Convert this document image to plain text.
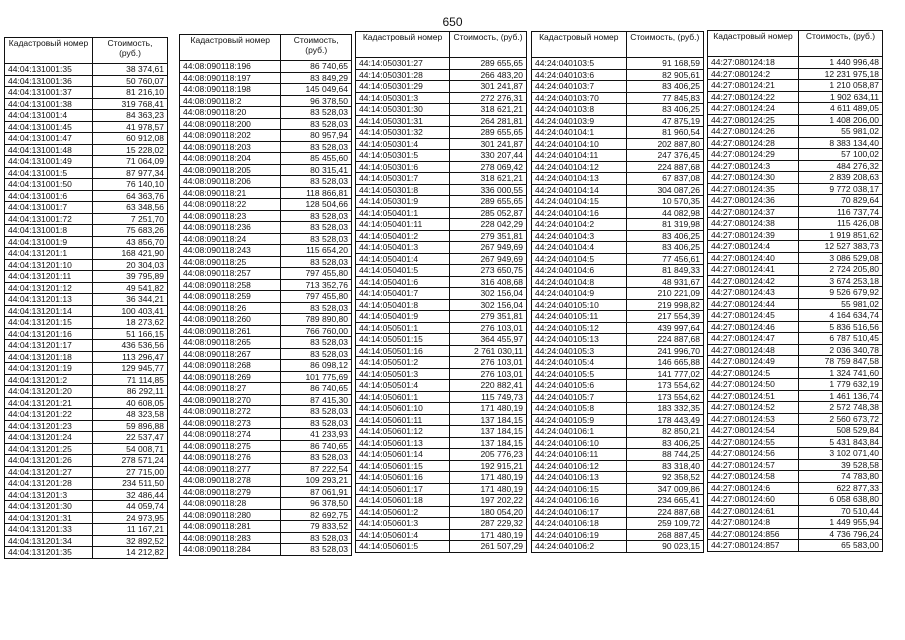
650
Кадастровый номер	Стоимость, (руб.)
44:04:131001:35	38 374,61
44:04:131001:36	50 760,07
44:04:131001:37	81 216,10
44:04:131001:38	319 768,41
44:04:131001:4	84 363,23
44:04:131001:45	41 978,57
44:04:131001:47	60 912,08
44:04:131001:48	15 228,02
44:04:131001:49	71 064,09
44:04:131001:5	87 977,34
44:04:131001:50	76 140,10
44:04:131001:6	64 363,76
44:04:131001:7	63 348,56
44:04:131001:72	7 251,70
44:04:131001:8	75 683,26
44:04:131001:9	43 856,70
44:04:131201:1	168 421,90
44:04:131201:10	20 304,03
44:04:131201:11	39 795,89
44:04:131201:12	49 541,82
44:04:131201:13	36 344,21
44:04:131201:14	100 403,41
44:04:131201:15	18 273,62
44:04:131201:16	51 166,15
44:04:131201:17	436 536,56
44:04:131201:18	113 296,47
44:04:131201:19	129 945,77
44:04:131201:2	71 114,85
44:04:131201:20	86 292,11
44:04:131201:21	40 608,05
44:04:131201:22	48 323,58
44:04:131201:23	59 896,88
44:04:131201:24	22 537,47
44:04:131201:25	54 008,71
44:04:131201:26	278 571,24
44:04:131201:27	27 715,00
44:04:131201:28	234 511,50
44:04:131201:3	32 486,44
44:04:131201:30	44 059,74
44:04:131201:31	24 973,95
44:04:131201:33	11 167,21
44:04:131201:34	32 892,52
44:04:131201:35	14 212,82
Кадастровый номер	Стоимость, (руб.)
44:08:090118:196	86 740,65
44:08:090118:197	83 849,29
44:08:090118:198	145 049,64
44:08:090118:2	96 378,50
44:08:090118:20	83 528,03
44:08:090118:200	83 528,03
44:08:090118:202	80 957,94
44:08:090118:203	83 528,03
44:08:090118:204	85 455,60
44:08:090118:205	80 315,41
44:08:090118:206	83 528,03
44:08:090118:21	118 866,81
44:08:090118:22	128 504,66
44:08:090118:23	83 528,03
44:08:090118:236	83 528,03
44:08:090118:24	83 528,03
44:08:090118:243	115 654,20
44:08:090118:25	83 528,03
44:08:090118:257	797 455,80
44:08:090118:258	713 352,76
44:08:090118:259	797 455,80
44:08:090118:26	83 528,03
44:08:090118:260	789 890,80
44:08:090118:261	766 760,00
44:08:090118:265	83 528,03
44:08:090118:267	83 528,03
44:08:090118:268	86 098,12
44:08:090118:269	101 775,69
44:08:090118:27	86 740,65
44:08:090118:270	87 415,30
44:08:090118:272	83 528,03
44:08:090118:273	83 528,03
44:08:090118:274	41 233,93
44:08:090118:275	86 740,65
44:08:090118:276	83 528,03
44:08:090118:277	87 222,54
44:08:090118:278	109 293,21
44:08:090118:279	87 061,91
44:08:090118:28	96 378,50
44:08:090118:280	82 692,75
44:08:090118:281	79 833,52
44:08:090118:283	83 528,03
44:08:090118:284	83 528,03
Кадастровый номер	Стоимость, (руб.)
44:14:050301:27	289 655,65
44:14:050301:28	266 483,20
44:14:050301:29	301 241,87
44:14:050301:3	272 276,31
44:14:050301:30	318 621,21
44:14:050301:31	264 281,81
44:14:050301:32	289 655,65
44:14:050301:4	301 241,87
44:14:050301:5	330 207,44
44:14:050301:6	278 069,42
44:14:050301:7	318 621,21
44:14:050301:8	336 000,55
44:14:050301:9	289 655,65
44:14:050401:1	285 052,87
44:14:050401:11	228 042,29
44:14:050401:2	279 351,81
44:14:050401:3	267 949,69
44:14:050401:4	267 949,69
44:14:050401:5	273 650,75
44:14:050401:6	316 408,68
44:14:050401:7	302 156,04
44:14:050401:8	302 156,04
44:14:050401:9	279 351,81
44:14:050501:1	276 103,01
44:14:050501:15	364 455,97
44:14:050501:16	2 761 030,11
44:14:050501:2	276 103,01
44:14:050501:3	276 103,01
44:14:050501:4	220 882,41
44:14:050601:1	115 749,73
44:14:050601:10	171 480,19
44:14:050601:11	137 184,15
44:14:050601:12	137 184,15
44:14:050601:13	137 184,15
44:14:050601:14	205 776,23
44:14:050601:15	192 915,21
44:14:050601:16	171 480,19
44:14:050601:17	171 480,19
44:14:050601:18	197 202,22
44:14:050601:2	180 054,20
44:14:050601:3	287 229,32
44:14:050601:4	171 480,19
44:14:050601:5	261 507,29
Кадастровый номер	Стоимость, (руб.)
44:24:040103:5	91 168,59
44:24:040103:6	82 905,61
44:24:040103:7	83 406,25
44:24:040103:70	77 845,83
44:24:040103:8	83 406,25
44:24:040103:9	47 875,19
44:24:040104:1	81 960,54
44:24:040104:10	202 887,80
44:24:040104:11	247 376,45
44:24:040104:12	224 887,68
44:24:040104:13	67 837,08
44:24:040104:14	304 087,26
44:24:040104:15	10 570,35
44:24:040104:16	44 082,98
44:24:040104:2	81 319,98
44:24:040104:3	83 406,25
44:24:040104:4	83 406,25
44:24:040104:5	77 456,61
44:24:040104:6	81 849,33
44:24:040104:8	48 931,67
44:24:040104:9	210 221,09
44:24:040105:10	219 998,82
44:24:040105:11	217 554,39
44:24:040105:12	439 997,64
44:24:040105:13	224 887,68
44:24:040105:3	241 996,70
44:24:040105:4	146 665,88
44:24:040105:5	141 777,02
44:24:040105:6	173 554,62
44:24:040105:7	173 554,62
44:24:040105:8	183 332,35
44:24:040105:9	178 443,49
44:24:040106:1	82 850,21
44:24:040106:10	83 406,25
44:24:040106:11	88 744,25
44:24:040106:12	83 318,40
44:24:040106:13	92 358,52
44:24:040106:15	347 009,86
44:24:040106:16	234 665,41
44:24:040106:17	224 887,68
44:24:040106:18	259 109,72
44:24:040106:19	268 887,45
44:24:040106:2	90 023,15
Кадастровый номер	Стоимость, (руб.)
44:27:080124:18	1 440 996,48
44:27:080124:2	12 231 975,18
44:27:080124:21	1 210 058,87
44:27:080124:22	1 902 634,11
44:27:080124:24	4 611 489,05
44:27:080124:25	1 408 206,00
44:27:080124:26	55 981,02
44:27:080124:28	8 383 134,40
44:27:080124:29	57 100,02
44:27:080124:3	484 276,32
44:27:080124:30	2 839 208,63
44:27:080124:35	9 772 038,17
44:27:080124:36	70 829,64
44:27:080124:37	116 737,74
44:27:080124:38	115 426,08
44:27:080124:39	1 919 851,62
44:27:080124:4	12 527 383,73
44:27:080124:40	3 086 529,08
44:27:080124:41	2 724 205,80
44:27:080124:42	3 674 253,18
44:27:080124:43	9 526 679,92
44:27:080124:44	55 981,02
44:27:080124:45	4 164 634,74
44:27:080124:46	5 836 516,56
44:27:080124:47	6 787 510,45
44:27:080124:48	2 036 340,78
44:27:080124:49	78 759 847,58
44:27:080124:5	1 324 741,60
44:27:080124:50	1 779 632,19
44:27:080124:51	1 461 136,74
44:27:080124:52	2 572 748,38
44:27:080124:53	2 560 673,72
44:27:080124:54	508 529,84
44:27:080124:55	5 431 843,84
44:27:080124:56	3 102 071,40
44:27:080124:57	39 528,58
44:27:080124:58	74 783,80
44:27:080124:6	622 877,33
44:27:080124:60	6 058 638,80
44:27:080124:61	70 510,44
44:27:080124:8	1 449 955,94
44:27:080124:856	4 736 796,24
44:27:080124:857	65 583,00
